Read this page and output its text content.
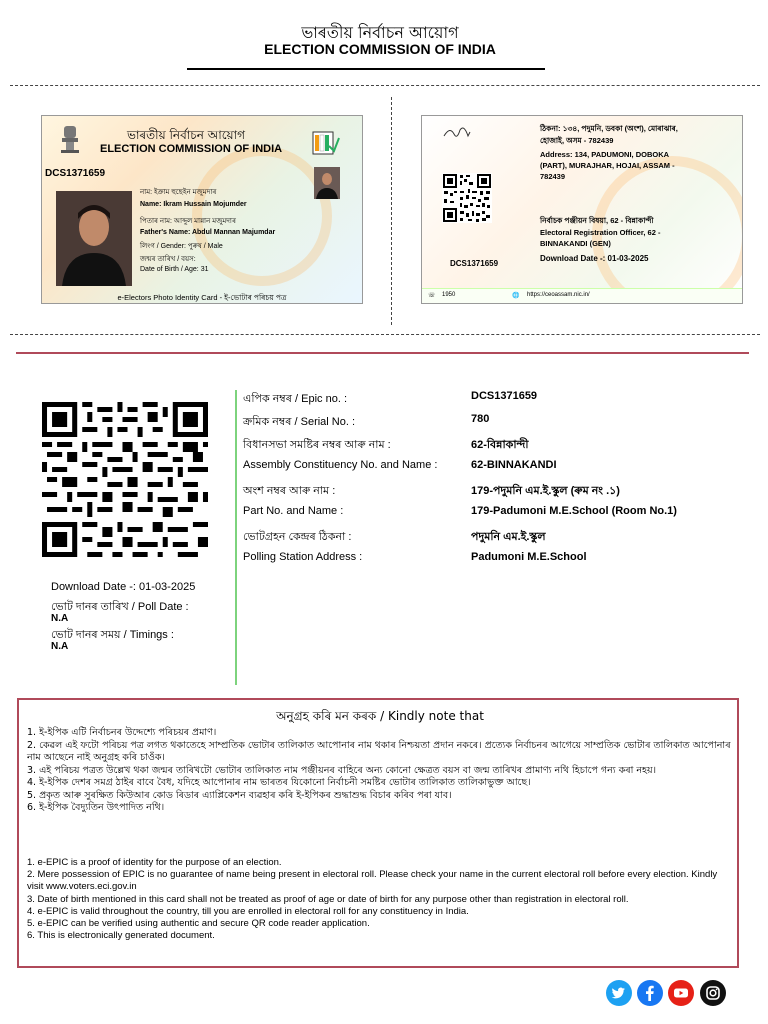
ভাৰতীয় নিৰ্বাচন আয়োগ
ELECTION COMMISSION OF INDIA
ভাৰতীয় নিৰ্বাচন আয়োগ
ELECTION COMMISSION OF INDIA
DCS1371659
নাম: ইক্ৰাম হুছেইন মজুমদাৰ
Name: Ikram Hussain Mojumder
পিতাৰ নাম: আব্দুল মান্নান মজুমদাৰ
Father's Name: Abdul Mannan Majumdar
লিংগ / Gender: পুৰুষ / Male
জন্মৰ তাৰিখ / বয়স:
Date of Birth / Age: 31
e-Electors Photo Identity Card - ই-ভোটাৰ পৰিচয় পত্ৰ
ঠিকনা: ১৩৪, পদুমনি, ডবকা (অংশ), মোৰাঝাৰ,
হোজাই, অসম - 782439
Address: 134, PADUMONI, DOBOKA
(PART), MURAJHAR, HOJAI, ASSAM -
782439
নিৰ্বাচক পঞ্জীয়ন বিষয়া, 62 - বিন্নাকান্দী
Electoral Registration Officer, 62 -
BINNAKANDI (GEN)
Download Date -: 01-03-2025
DCS1371659
☏ 1950	🌐 https://ceoassam.nic.in/
Download Date -: 01-03-2025
ভোট দানৰ তাৰিখ / Poll Date :
N.A
ভোট দানৰ সময় / Timings :
N.A
এপিক নম্বৰ / Epic no. :	DCS1371659
ক্ৰমিক নম্বৰ / Serial No. :	780
বিধানসভা সমষ্টিৰ নম্বৰ আৰু নাম :	62-বিন্নাকান্দী
Assembly Constituency No. and Name :	62-BINNAKANDI
অংশ নম্বৰ আৰু নাম :	179-পদুমনি এম.ই.স্কুল (ৰুম নং .১)
Part No. and Name :	179-Padumoni M.E.School (Room No.1)
ভোটগ্ৰহন কেন্দ্ৰৰ ঠিকনা :	পদুমনি এম.ই.স্কুল
Polling Station Address :	Padumoni M.E.School
অনুগ্ৰহ কৰি মন কৰক / Kindly note that
1. ই-ইপিক এটি নিৰ্বাচনৰ উদ্দেশ্যে পৰিচয়ৰ প্ৰমাণ।
2. কেৱল এই ফটো পৰিচয় পত্ৰ লগত থকাতেহে সাম্প্ৰতিক ভোটাৰ তালিকাত আপোনাৰ নাম থকাৰ নিশ্চয়তা প্ৰদান নকৰে। প্ৰত্যেক নিৰ্বাচনৰ আগেয়ে সাম্প্ৰতিক ভোটাৰ তালিকাত আপোনাৰ নাম আছেনে নাই অনুগ্ৰহ কৰি চাওঁক।
3. এই পৰিচয় পত্ৰত উল্লেখ থকা জন্মৰ তাৰিখটো ভোটাৰ তালিকাত নাম পঞ্জীয়নৰ বাহিৰে অন্য কোনো ক্ষেত্ৰত বয়স বা জন্ম তাৰিখৰ প্ৰামাণ্য নথি হিচাপে গন্য কৰা নহয়।
4. ই-ইপিক দেশৰ সমগ্ৰ ঠাইৰ বাবে বৈধ, যদিহে আপোনাৰ নাম ভাৰতৰ যিকোনো নিৰ্বাচনী সমষ্টিৰ ভোটাৰ তালিকাত তালিকাভুক্ত আছে।
5. প্ৰকৃত আৰু সুৰক্ষিত কিউআৰ কোড ৰিডাৰ এ্যাপ্লিকেশন ব্যৱহাৰ কৰি ই-ইপিকৰ শুদ্ধাশুদ্ধ বিচাৰ কৰিব পৰা যাব।
6. ই-ইপিক বৈদ্যুতিন উৎপাদিত নথি।
1. e-EPIC is a proof of identity for the purpose of an election.
2. Mere possession of EPIC is no guarantee of name being present in electoral roll. Please check your name in the current electoral roll before every election. Kindly visit www.voters.eci.gov.in
3. Date of birth mentioned in this card shall not be treated as proof of age or date of birth for any purpose other than registration in electoral roll.
4. e-EPIC is valid throughout the country, till you are enrolled in electoral roll for any constituency in India.
5. e-EPIC can be verified using authentic and secure QR code reader application.
6. This is electronically generated document.
